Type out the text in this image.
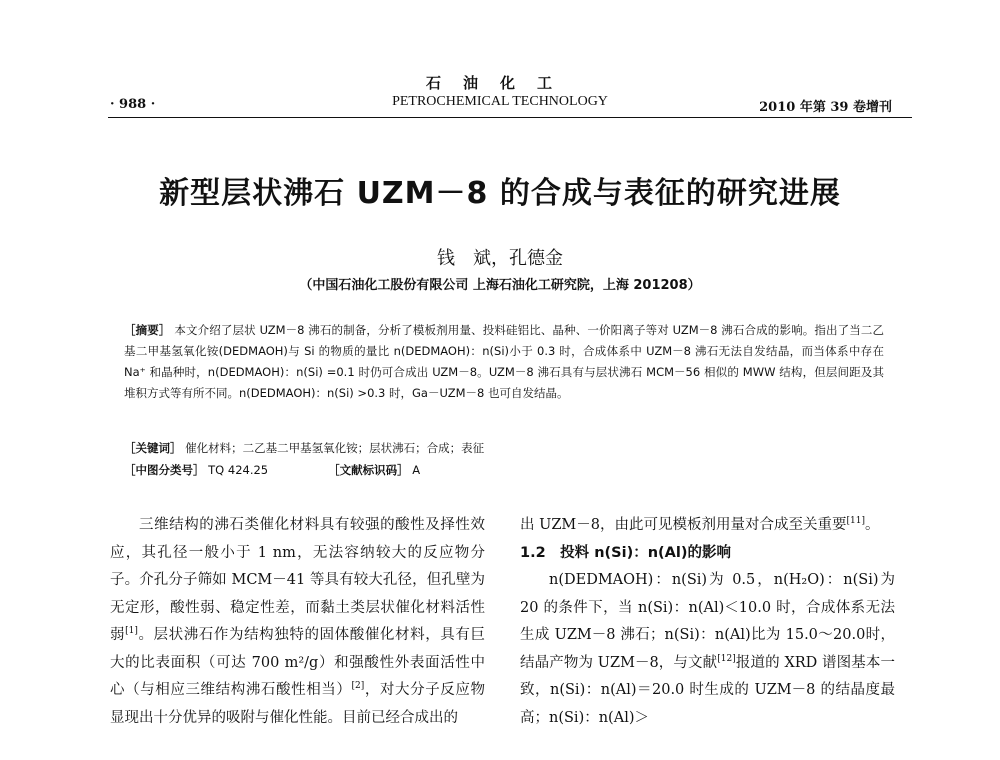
石油化工
· 988 ·	PETROCHEMICAL TECHNOLOGY	2010 年第 39 卷增刊
新型层状沸石 UZM－8 的合成与表征的研究进展
钱　斌，孔德金
（中国石油化工股份有限公司 上海石油化工研究院，上海 201208）

［摘要］ 本文介绍了层状 UZM－8 沸石的制备，分析了模板剂用量、投料硅铝比、晶种、一价阳离子等对 UZM－8 沸石合成的影响。指出了当二乙基二甲基氢氧化铵(DEDMAOH)与 Si 的物质的量比 n(DEDMAOH)：n(Si)小于 0.3 时，合成体系中 UZM－8 沸石无法自发结晶，而当体系中存在 Na⁺ 和晶种时，n(DEDMAOH)：n(Si) =0.1 时仍可合成出 UZM－8。UZM－8 沸石具有与层状沸石 MCM－56 相似的 MWW 结构，但层间距及其堆积方式等有所不同。n(DEDMAOH)：n(Si) >0.3 时，Ga－UZM－8 也可自发结晶。

［关键词］ 催化材料；二乙基二甲基氢氧化铵；层状沸石；合成；表征
［中图分类号］ TQ 424.25	［文献标识码］ A

三维结构的沸石类催化材料具有较强的酸性及择性效应，其孔径一般小于 1 nm，无法容纳较大的反应物分子。介孔分子筛如 MCM－41 等具有较大孔径，但孔壁为无定形，酸性弱、稳定性差，而黏土类层状催化材料活性弱[1]。层状沸石作为结构独特的固体酸催化材料，具有巨大的比表面积（可达 700 m²/g）和强酸性外表面活性中心（与相应三维结构沸石酸性相当）[2]，对大分子反应物显现出十分优异的吸附与催化性能。目前已经合成出的

出 UZM－8，由此可见模板剂用量对合成至关重要[11]。

1.2　投料 n(Si)：n(Al)的影响

n(DEDMAOH)：n(Si)为 0.5，n(H₂O)：n(Si)为 20 的条件下，当 n(Si)：n(Al)＜10.0 时，合成体系无法生成 UZM－8 沸石；n(Si)：n(Al)比为 15.0～20.0时，结晶产物为 UZM－8，与文献[12]报道的 XRD 谱图基本一致，n(Si)：n(Al)＝20.0 时生成的 UZM－8 的结晶度最高；n(Si)：n(Al)＞
